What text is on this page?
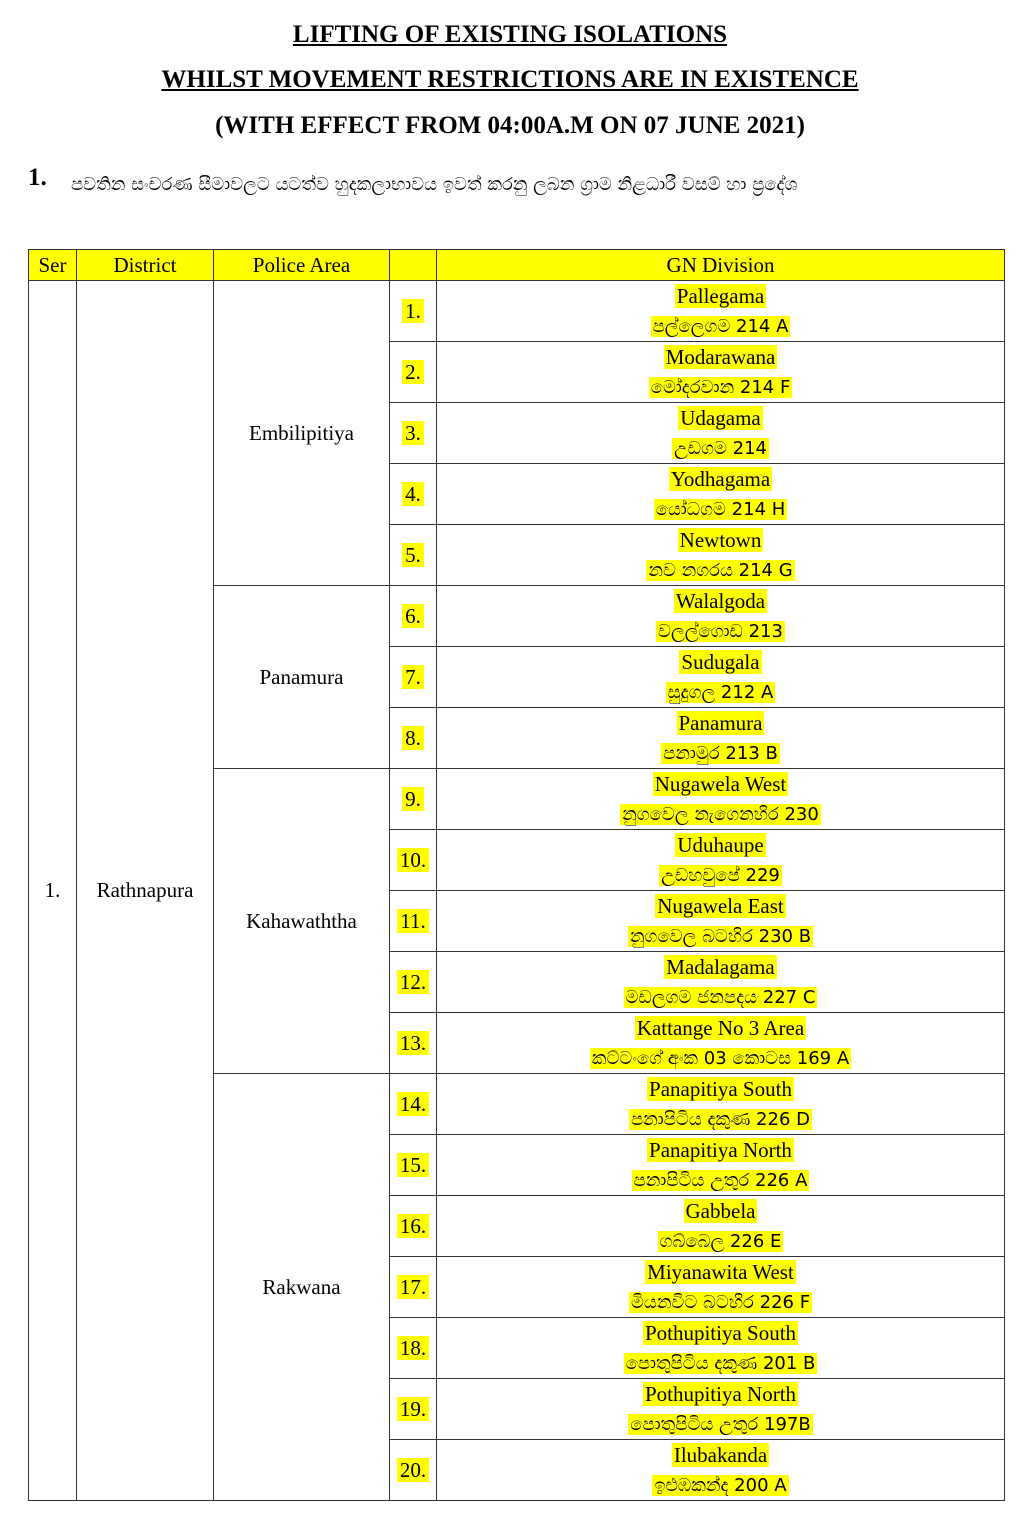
LIFTING OF EXISTING ISOLATIONS
WHILST MOVEMENT RESTRICTIONS ARE IN EXISTENCE
(WITH EFFECT FROM 04:00A.M ON 07 JUNE 2021)
1. පවතින සංචරණ සීමාවලට යටත්ව හුදකලාභාවය ඉවත් කරනු ලබන ග්‍රාම නිළධාරී වසම් හා ප්‍රදේශ
Ser	District	Police Area		GN Division
1.	Rathnapura	Embilipitiya	1.	Pallegama
පල්ලෙගම 214 A
			2.	Modarawana
මෝදරවාන 214 F
			3.	Udagama
උඩගම 214
			4.	Yodhagama
යෝධගම 214 H
			5.	Newtown
නව නගරය 214 G
		Panamura	6.	Walalgoda
වලල්ගොඩ 213
			7.	Sudugala
සුදුගල 212 A
			8.	Panamura
පනාමුර 213 B
		Kahawaththa	9.	Nugawela West
නුගවෙල නැගෙනහිර 230
			10.	Uduhaupe
උඩහවුපේ 229
			11.	Nugawela East
නුගවෙල බටහිර 230 B
			12.	Madalagama
මඩලගම ජනපදය 227 C
			13.	Kattange No 3 Area
කට්ටංගේ අංක 03 කොටස 169 A
		Rakwana	14.	Panapitiya South
පනාපිටිය දකුණ 226 D
			15.	Panapitiya North
පනාපිටිය උතුර 226 A
			16.	Gabbela
ගබ්බෙල 226 E
			17.	Miyanawita West
මියනවිට බටහිර 226 F
			18.	Pothupitiya South
පොතුපිටිය දකුණ 201 B
			19.	Pothupitiya North
පොතුපිටිය උතුර 197B
			20.	Ilubakanda
ඉළුඹකන්ද 200 A
